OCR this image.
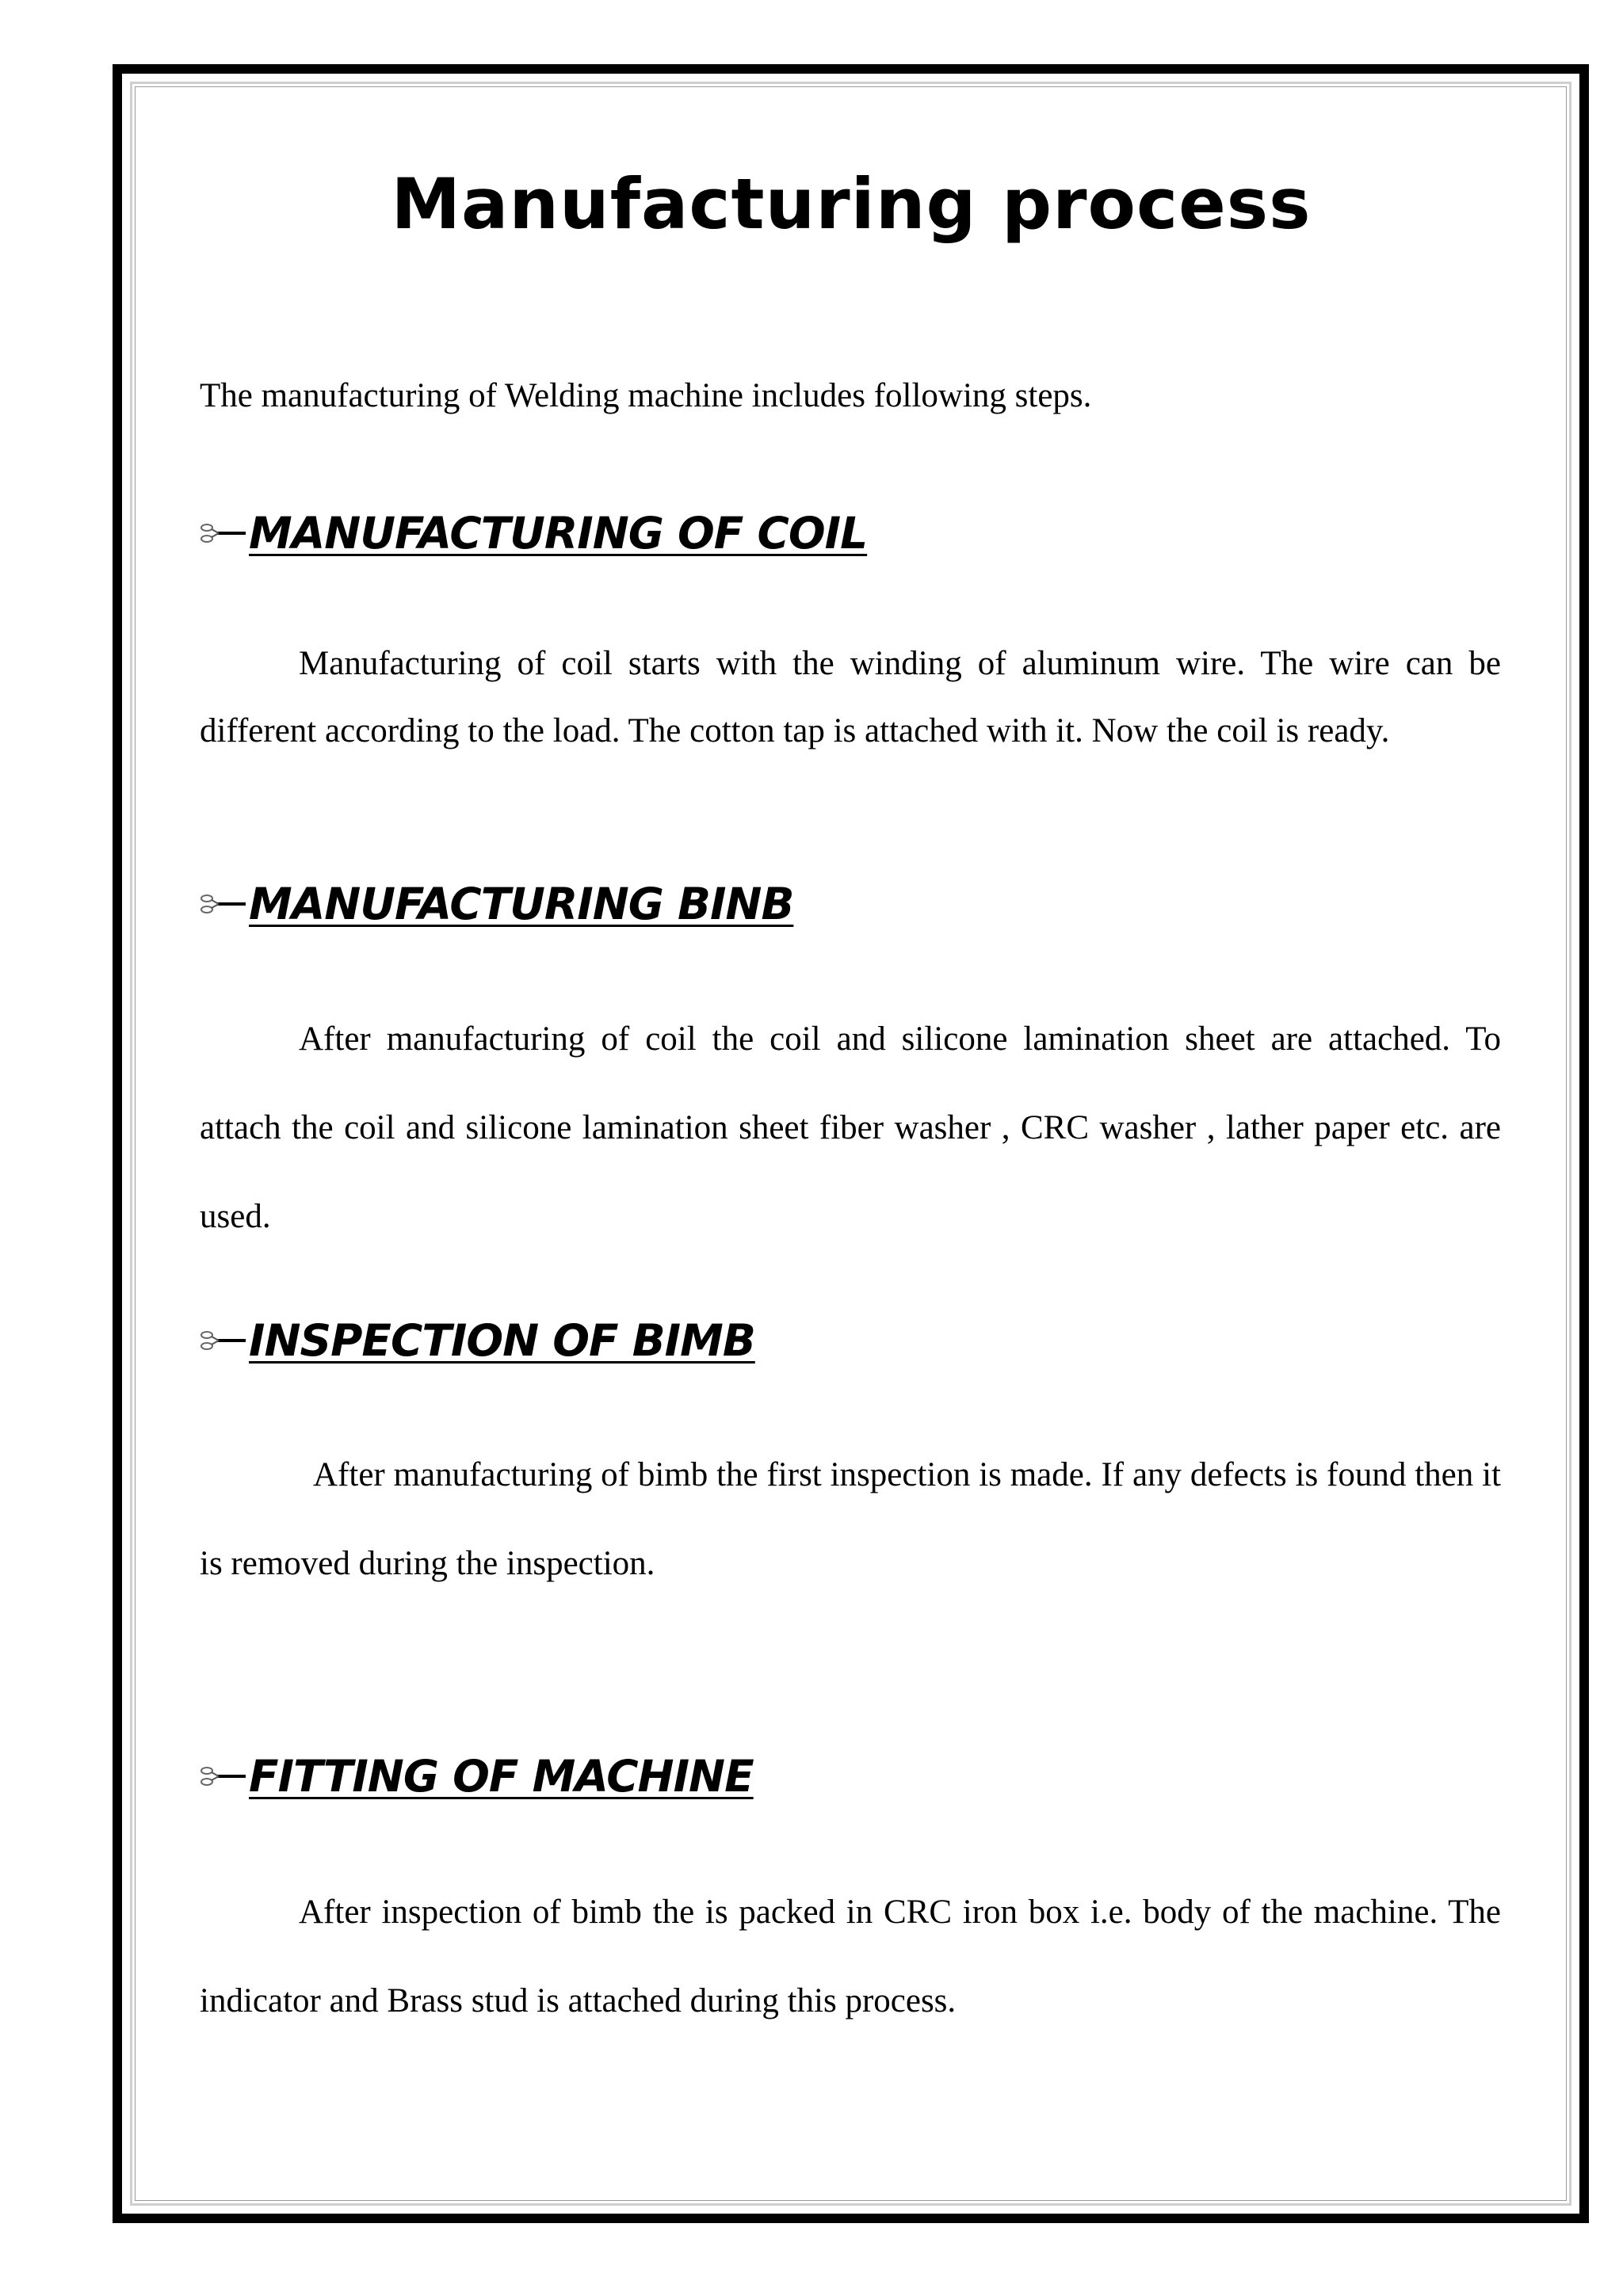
Manufacturing process

The manufacturing of Welding machine includes following steps.

MANUFACTURING OF COIL

Manufacturing of coil starts with the winding of aluminum wire. The wire can be different according to the load. The cotton tap is attached with it. Now the coil is ready.

MANUFACTURING BINB

After manufacturing of coil the coil and silicone lamination sheet are attached. To attach the coil and silicone lamination sheet fiber washer , CRC washer , lather paper etc. are used.

INSPECTION OF BIMB

After manufacturing of bimb the first inspection is made. If any defects is found then it is removed during the inspection.

FITTING OF MACHINE

After inspection of bimb the is packed in CRC iron box i.e. body of the machine. The indicator and Brass stud is attached during this process.
